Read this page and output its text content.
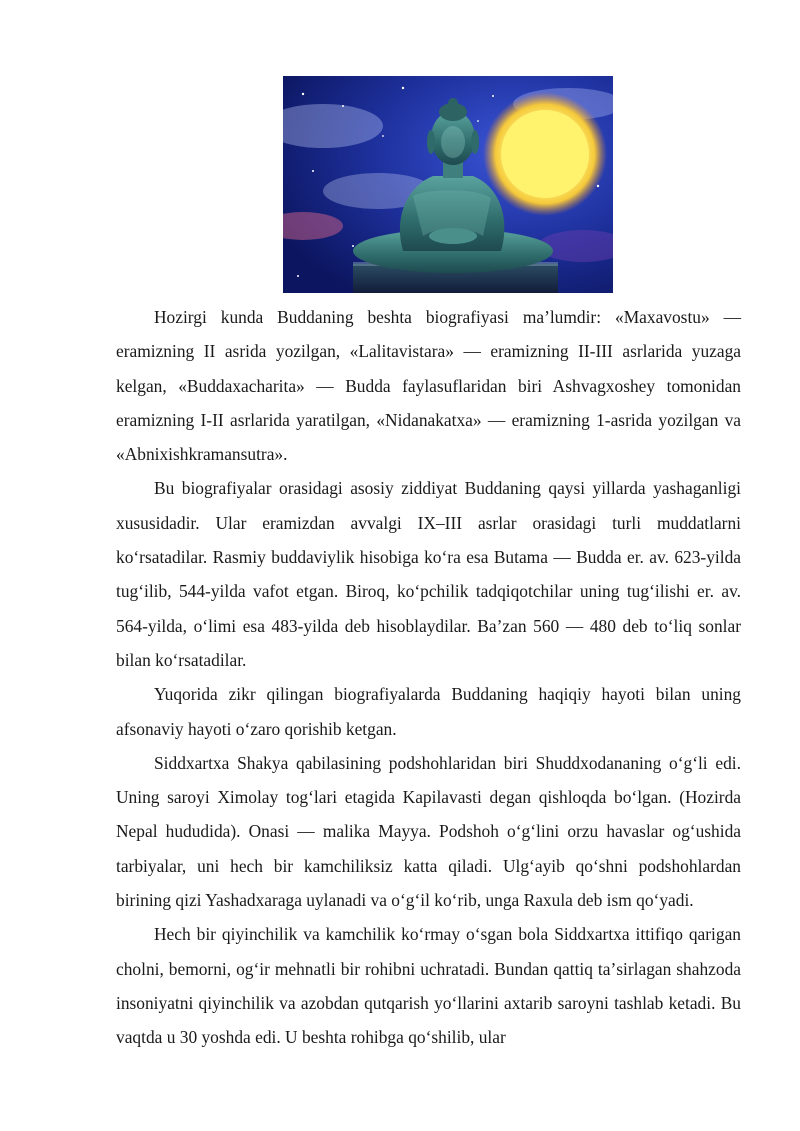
Hozirgi kunda Buddaning beshta biografiyasi maʼlumdir: «Maxavostu» — eramizning II asrida yozilgan, «Lalitavistara» — eramizning II-III asrlarida yuzaga kelgan, «Buddaxacharita» — Budda faylasuflaridan biri Ashvagxoshey tomonidan eramizning I-II asrlarida yaratilgan, «Nidanakatxa» — eramizning 1-asrida yozilgan va «Abnixishkramansutra».

Bu biografiyalar orasidagi asosiy ziddiyat Buddaning qaysi yillarda yashaganligi xususidadir. Ular eramizdan avvalgi IX–III asrlar orasidagi turli muddatlarni koʻrsatadilar. Rasmiy buddaviylik hisobiga koʻra esa Butama — Budda er. av. 623-yilda tugʻilib, 544-yilda vafot etgan. Biroq, koʻpchilik tadqiqotchilar uning tugʻilishi er. av. 564-yilda, oʻlimi esa 483-yilda deb hisoblaydilar. Baʼzan 560 — 480 deb toʻliq sonlar bilan koʻrsatadilar.

Yuqorida zikr qilingan biografiyalarda Buddaning haqiqiy hayoti bilan uning afsonaviy hayoti oʻzaro qorishib ketgan.

Siddxartxa Shakya qabilasining podshohlaridan biri Shuddxodananing oʻgʻli edi. Uning saroyi Ximolay togʻlari etagida Kapilavasti degan qishloqda boʻlgan. (Hozirda Nepal hududida). Onasi — malika Mayya. Podshoh oʻgʻlini orzu havaslar ogʻushida tarbiyalar, uni hech bir kamchiliksiz katta qiladi. Ulgʻayib qoʻshni podshohlardan birining qizi Yashadxaraga uylanadi va oʻgʻil koʻrib, unga Raxula deb ism qoʻyadi.

Hech bir qiyinchilik va kamchilik koʻrmay oʻsgan bola Siddxartxa ittifiqo qarigan cholni, bemorni, ogʻir mehnatli bir rohibni uchratadi. Bundan qattiq taʼsirlagan shahzoda insoniyatni qiyinchilik va azobdan qutqarish yoʻllarini axtarib saroyni tashlab ketadi. Bu vaqtda u 30 yoshda edi. U beshta rohibga qoʻshilib, ular
